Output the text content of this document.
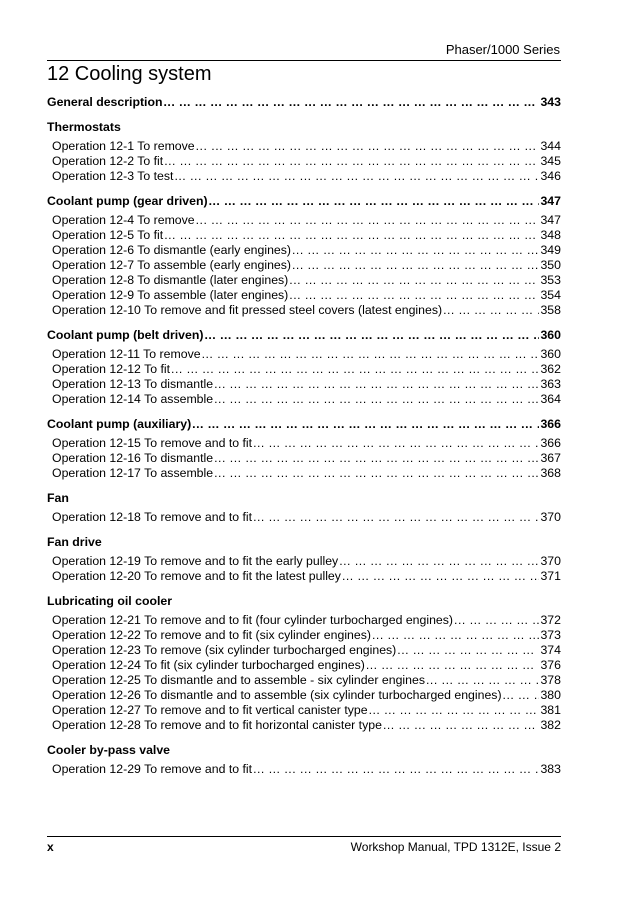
Phaser/1000 Series
12 Cooling system
General description ... .	343
Thermostats
Operation 12-1 To remove ... .	344
Operation 12-2 To fit ... .	345
Operation 12-3 To test ... .	346
Coolant pump (gear driven) ... .	347
Operation 12-4 To remove ... .	347
Operation 12-5 To fit ... .	348
Operation 12-6 To dismantle (early engines) ... .	349
Operation 12-7 To assemble (early engines) ... .	350
Operation 12-8 To dismantle (later engines) ... .	353
Operation 12-9 To assemble (later engines) ... .	354
Operation 12-10 To remove and fit pressed steel covers (latest engines) ... .	358
Coolant pump (belt driven) ... .	360
Operation 12-11 To remove ... .	360
Operation 12-12 To fit ... .	362
Operation 12-13 To dismantle ... .	363
Operation 12-14 To assemble ... .	364
Coolant pump (auxiliary) ... .	366
Operation 12-15 To remove and to fit ... .	366
Operation 12-16 To dismantle ... .	367
Operation 12-17 To assemble ... .	368
Fan
Operation 12-18 To remove and to fit ... .	370
Fan drive
Operation 12-19 To remove and to fit the early pulley ... .	370
Operation 12-20 To remove and to fit the latest pulley ... .	371
Lubricating oil cooler
Operation 12-21 To remove and to fit (four cylinder turbocharged engines) ... .	372
Operation 12-22 To remove and to fit (six cylinder engines) ... .	373
Operation 12-23 To remove (six cylinder turbocharged engines) ... .	374
Operation 12-24 To fit (six cylinder turbocharged engines) ... .	376
Operation 12-25 To dismantle and to assemble - six cylinder engines ... .	378
Operation 12-26 To dismantle and to assemble (six cylinder turbocharged engines) ... .	380
Operation 12-27 To remove and to fit vertical canister type ... .	381
Operation 12-28 To remove and to fit horizontal canister type ... .	382
Cooler by-pass valve
Operation 12-29 To remove and to fit ... .	383
x	Workshop Manual, TPD 1312E, Issue 2
